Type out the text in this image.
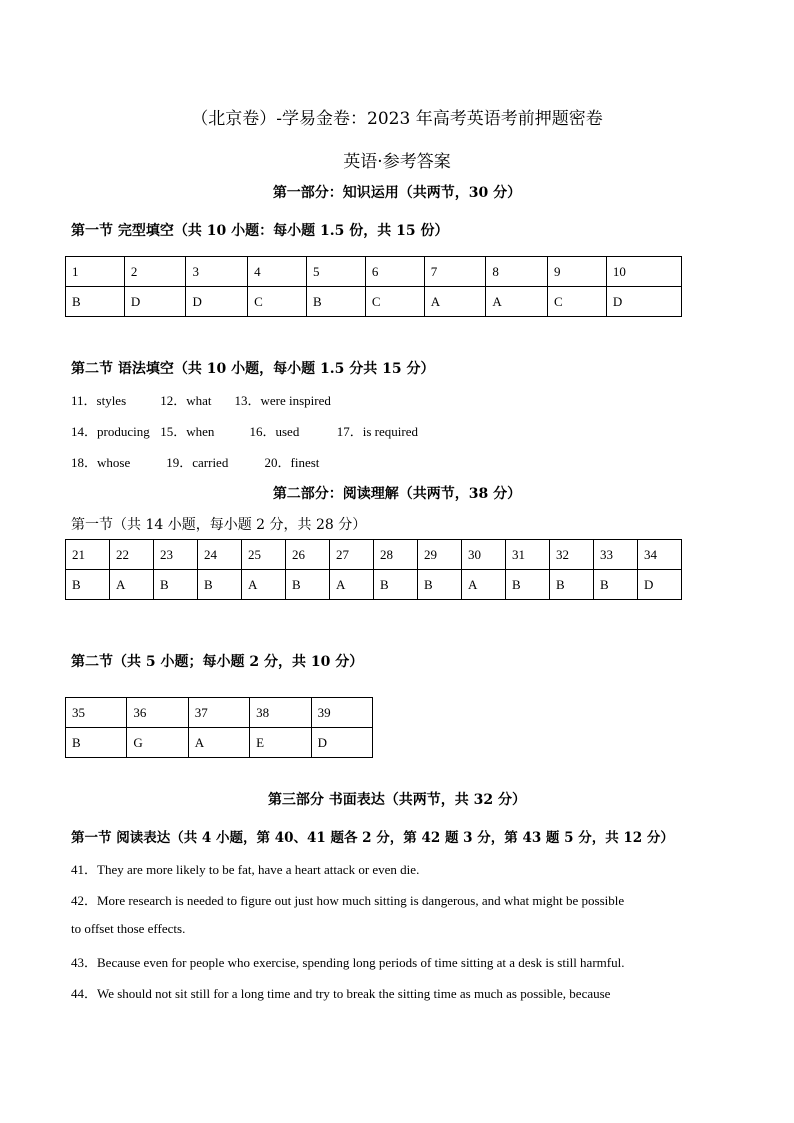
（北京卷）-学易金卷：2023 年高考英语考前押题密卷
英语·参考答案
第一部分：知识运用（共两节，30 分）
第一节 完型填空（共 10 小题：每小题 1.5 份，共 15 份）
1	2	3	4	5	6	7	8	9	10
B	D	D	C	B	C	A	A	C	D
第二节 语法填空（共 10 小题，每小题 1.5 分共 15 分）
11．styles	12．what 13．were inspired
14．producing 15．when	16．used	17．is required
18．whose	19．carried	20．finest
第二部分：阅读理解（共两节，38 分）
第一节（共 14 小题，每小题 2 分，共 28 分）
21	22	23	24	25	26	27	28	29	30	31	32	33	34
B	A	B	B	A	B	A	B	B	A	B	B	B	D
第二节（共 5 小题；每小题 2 分，共 10 分）
35	36	37	38	39
B	G	A	E	D
第三部分 书面表达（共两节，共 32 分）
第一节 阅读表达（共 4 小题，第 40、41 题各 2 分，第 42 题 3 分，第 43 题 5 分，共 12 分）
41．They are more likely to be fat, have a heart attack or even die.
42．More research is needed to figure out just how much sitting is dangerous, and what might be possible
to offset those effects.
43．Because even for people who exercise, spending long periods of time sitting at a desk is still harmful.
44．We should not sit still for a long time and try to break the sitting time as much as possible, because
